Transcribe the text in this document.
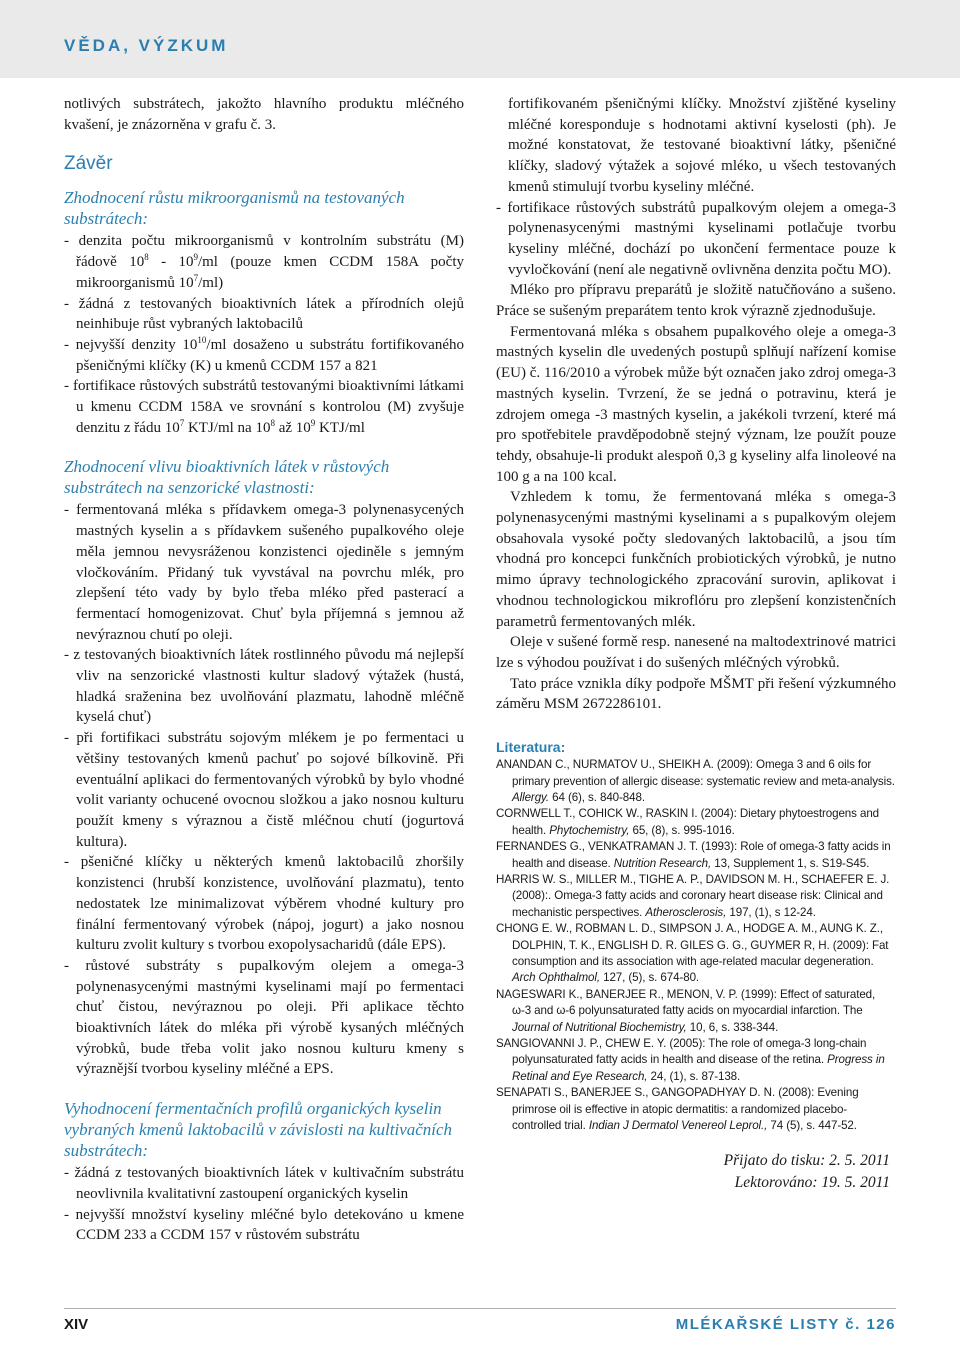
VĚDA, VÝZKUM

notlivých substrátech, jakožto hlavního produktu mléčného kvašení, je znázorněna v grafu č. 3.

Závěr
Zhodnocení růstu mikroorganismů na testovaných substrátech:
- denzita počtu mikroorganismů v kontrolním substrátu (M) řádově $10^8 - 10^9/ml$ (pouze kmen CCDM 158A počty mikroorganismů $10^7/ml$)
- žádná z testovaných bioaktivních látek a přírodních olejů neinhibuje růst vybraných laktobacilů
- nejvyšší denzity $10^{10}/ml$ dosaženo u substrátu fortifikovaného pšeničnými klíčky (K) u kmenů CCDM 157 a 821
- fortifikace růstových substrátů testovanými bioaktivními látkami u kmenu CCDM 158A ve srovnání s kontrolou (M) zvyšuje denzitu z řádu $10^7$ KTJ/ml na $10^8$ až $10^9$ KTJ/ml
Zhodnocení vlivu bioaktivních látek v růstových substrátech na senzorické vlastnosti:
- fermentovaná mléka s přídavkem omega-3 polynenasycených mastných kyselin a s přídavkem sušeného pupalkového oleje měla jemnou nevysráženou konzistenci ojediněle s jemným vločkováním. Přidaný tuk vyvstával na povrchu mlék, pro zlepšení této vady by bylo třeba mléko před pasterací a fermentací homogenizovat. Chuť byla příjemná s jemnou až nevýraznou chutí po oleji.
- z testovaných bioaktivních látek rostlinného původu má nejlepší vliv na senzorické vlastnosti kultur sladový výtažek (hustá, hladká sraženina bez uvolňování plazmatu, lahodně mléčně kyselá chuť)
- při fortifikaci substrátu sojovým mlékem je po fermentaci u většiny testovaných kmenů pachuť po sojové bílkovině. Při eventuální aplikaci do fermentovaných výrobků by bylo vhodné volit varianty ochucené ovocnou složkou a jako nosnou kulturu použít kmeny s výraznou a čistě mléčnou chutí (jogurtová kultura).
- pšeničné klíčky u některých kmenů laktobacilů zhoršily konzistenci (hrubší konzistence, uvolňování plazmatu), tento nedostatek lze minimalizovat výběrem vhodné kultury pro finální fermentovaný výrobek (nápoj, jogurt) a jako nosnou kulturu zvolit kultury s tvorbou exopolysacharidů (dále EPS).
- růstové substráty s pupalkovým olejem a omega-3 polynenasycenými mastnými kyselinami mají po fermentaci chuť čistou, nevýraznou po oleji. Při aplikace těchto bioaktivních látek do mléka při výrobě kysaných mléčných výrobků, bude třeba volit jako nosnou kulturu kmeny s výraznější tvorbou kyseliny mléčné a EPS.
Vyhodnocení fermentačních profilů organických kyselin vybraných kmenů laktobacilů v závislosti na kultivačních substrátech:
- žádná z testovaných bioaktivních látek v kultivačním substrátu neovlivnila kvalitativní zastoupení organických kyselin
- nejvyšší množství kyseliny mléčné bylo detekováno u kmene CCDM 233 a CCDM 157 v růstovém substrátu

fortifikovaném pšeničnými klíčky. Množství zjištěné kyseliny mléčné koresponduje s hodnotami aktivní kyselosti (ph). Je možné konstatovat, že testované bioaktivní látky, pšeničné klíčky, sladový výtažek a sojové mléko, u všech testovaných kmenů stimulují tvorbu kyseliny mléčné.

- fortifikace růstových substrátů pupalkovým olejem a omega-3 polynenasycenými mastnými kyselinami potlačuje tvorbu kyseliny mléčné, dochází po ukončení fermentace pouze k vyvločkování (není ale negativně ovlivněna denzita počtu MO).

Mléko pro přípravu preparátů je složitě natučňováno a sušeno. Práce se sušeným preparátem tento krok výrazně zjednodušuje.

Fermentovaná mléka s obsahem pupalkového oleje a omega-3 mastných kyselin dle uvedených postupů splňují nařízení komise (EU) č. 116/2010 a výrobek může být označen jako zdroj omega-3 mastných kyselin. Tvrzení, že se jedná o potravinu, která je zdrojem omega -3 mastných kyselin, a jakékoli tvrzení, které má pro spotřebitele pravděpodobně stejný význam, lze použít pouze tehdy, obsahuje-li produkt alespoň 0,3 g kyseliny alfa linoleové na 100 g a na 100 kcal.

Vzhledem k tomu, že fermentovaná mléka s omega-3 polynenasycenými mastnými kyselinami a s pupalkovým olejem obsahovala vysoké počty sledovaných laktobacilů, a jsou tím vhodná pro koncepci funkčních probiotických výrobků, je nutno mimo úpravy technologického zpracování surovin, aplikovat i vhodnou technologickou mikroflóru pro zlepšení konzistenčních parametrů fermentovaných mlék.

Oleje v sušené formě resp. nanesené na maltodextrinové matrici lze s výhodou používat i do sušených mléčných výrobků.

Tato práce vznikla díky podpoře MŠMT při řešení výzkumného záměru MSM 2672286101.

Literatura:
ANANDAN C., NURMATOV U., SHEIKH A. (2009): Omega 3 and 6 oils for primary prevention of allergic disease: systematic review and meta-analysis. Allergy. 64 (6), s. 840-848.
CORNWELL T., COHICK W., RASKIN I. (2004): Dietary phytoestrogens and health. Phytochemistry, 65, (8), s. 995-1016.
FERNANDES G., VENKATRAMAN J. T. (1993): Role of omega-3 fatty acids in health and disease. Nutrition Research, 13, Supplement 1, s. S19-S45.
HARRIS W. S., MILLER M., TIGHE A. P., DAVIDSON M. H., SCHAEFER E. J. (2008):. Omega-3 fatty acids and coronary heart disease risk: Clinical and mechanistic perspectives. Atherosclerosis, 197, (1), s 12-24.
CHONG E. W., ROBMAN L. D., SIMPSON J. A., HODGE A. M., AUNG K. Z., DOLPHIN, T. K., ENGLISH D. R. GILES G. G., GUYMER R, H. (2009): Fat consumption and its association with age-related macular degeneration. Arch Ophthalmol, 127, (5), s. 674-80.
NAGESWARI K., BANERJEE R., MENON, V. P. (1999): Effect of saturated, ω-3 and ω-6 polyunsaturated fatty acids on myocardial infarction. The Journal of Nutritional Biochemistry, 10, 6, s. 338-344.
SANGIOVANNI J. P., CHEW E. Y. (2005): The role of omega-3 long-chain polyunsaturated fatty acids in health and disease of the retina. Progress in Retinal and Eye Research, 24, (1), s. 87-138.
SENAPATI S., BANERJEE S., GANGOPADHYAY D. N. (2008): Evening primrose oil is effective in atopic dermatitis: a randomized placebo-controlled trial. Indian J Dermatol Venereol Leprol., 74 (5), s. 447-52.
Přijato do tisku: 2. 5. 2011
Lektorováno: 19. 5. 2011
XIV	MLÉKAŘSKÉ LISTY č. 126
